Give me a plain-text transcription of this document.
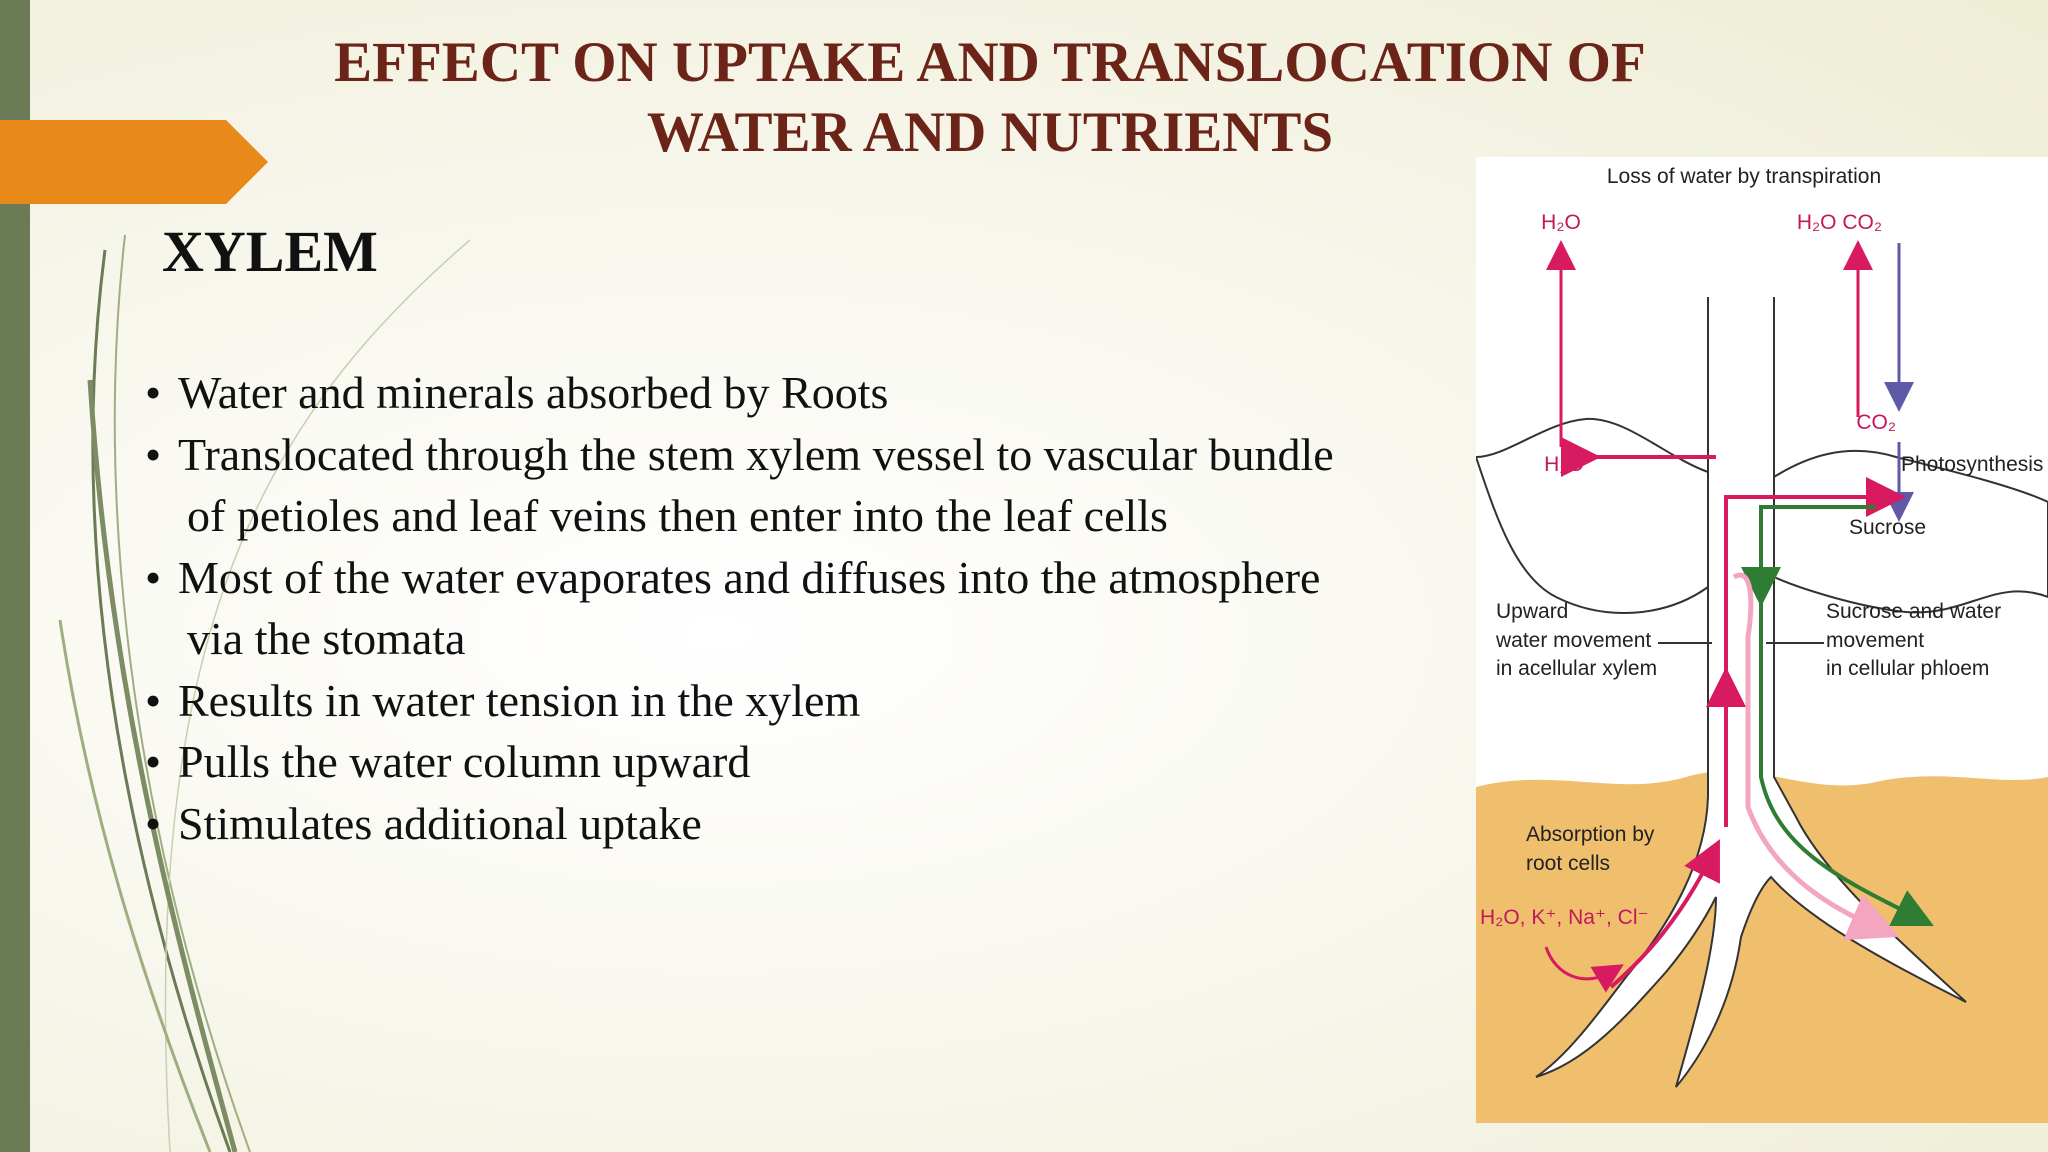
EFFECT ON UPTAKE AND TRANSLOCATION OF
WATER AND NUTRIENTS
XYLEM
• Water and minerals absorbed by Roots
• Translocated through the stem xylem vessel to vascular bundle
of petioles and leaf veins then enter into the leaf cells
• Most of the water evaporates and diffuses into the atmosphere
via the stomata
• Results in water tension in the xylem
• Pulls the water column upward
• Stimulates additional uptake
Loss of water by transpiration
H₂O	H₂O CO₂
CO₂
H₂O	Photosynthesis
Sucrose
Upward
water movement
in acellular xylem
Sucrose and water
movement
in cellular phloem
Absorption by
root cells
H₂O, K⁺, Na⁺, Cl⁻
